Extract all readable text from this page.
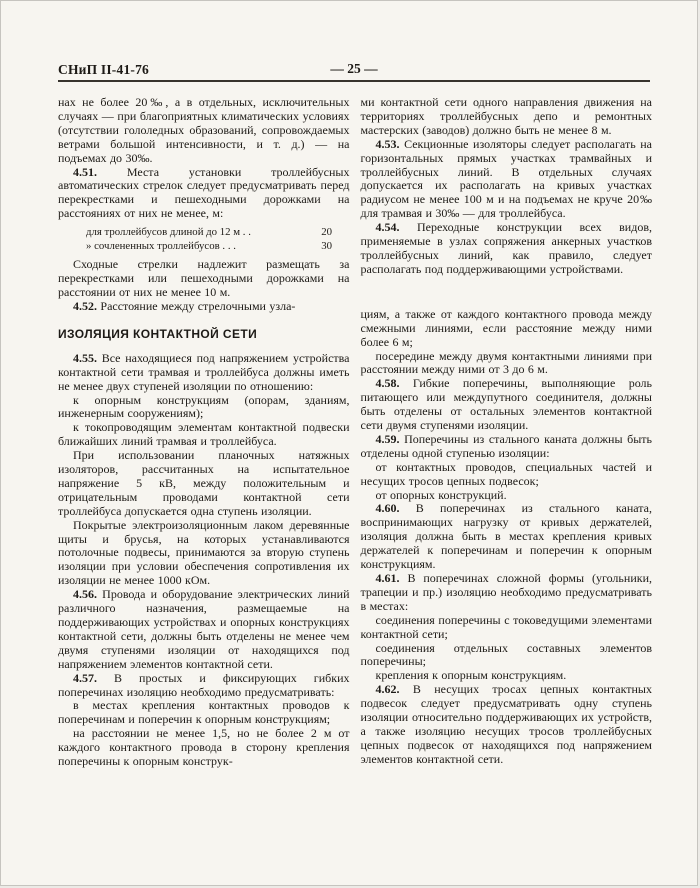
СНиП II-41-76	— 25 —

нах не более 20‰, а в отдельных, исключительных случаях — при благоприятных климатических условиях (отсутствии гололедных образований, сопровождаемых ветрами большой интенсивности, и т. д.) — на подъемах до 30‰.

4.51. Места установки троллейбусных автоматических стрелок следует предусматривать перед перекрестками и пешеходными дорожками на расстояниях от них не менее, м:

для троллейбусов длиной до 12 м . .	20
» сочлененных троллейбусов . . .	30

Сходные стрелки надлежит размещать за перекрестками или пешеходными дорожками на расстоянии от них не менее 10 м.

4.52. Расстояние между стрелочными узла-

ИЗОЛЯЦИЯ КОНТАКТНОЙ СЕТИ

4.55. Все находящиеся под напряжением устройства контактной сети трамвая и троллейбуса должны иметь не менее двух ступеней изоляции по отношению:

к опорным конструкциям (опорам, зданиям, инженерным сооружениям);

к токопроводящим элементам контактной подвески ближайших линий трамвая и троллейбуса.

При использовании планочных натяжных изоляторов, рассчитанных на испытательное напряжение 5 кВ, между положительным и отрицательным проводами контактной сети троллейбуса допускается одна ступень изоляции.

Покрытые электроизоляционным лаком деревянные щиты и брусья, на которых устанавливаются потолочные подвесы, принимаются за вторую ступень изоляции при условии обеспечения сопротивления их изоляции не менее 1000 кОм.

4.56. Провода и оборудование электрических линий различного назначения, размещаемые на поддерживающих устройствах и опорных конструкциях контактной сети, должны быть отделены не менее чем двумя ступенями изоляции от находящихся под напряжением элементов контактной сети.

4.57. В простых и фиксирующих гибких поперечинах изоляцию необходимо предусматривать:

в местах крепления контактных проводов к поперечинам и поперечин к опорным конструкциям;

на расстоянии не менее 1,5, но не более 2 м от каждого контактного провода в сторону крепления поперечины к опорным конструк-

ми контактной сети одного направления движения на территориях троллейбусных депо и ремонтных мастерских (заводов) должно быть не менее 8 м.

4.53. Секционные изоляторы следует располагать на горизонтальных прямых участках трамвайных и троллейбусных линий. В отдельных случаях допускается их располагать на кривых участках радиусом не менее 100 м и на подъемах не круче 20‰ для трамвая и 30‰ — для троллейбуса.

4.54. Переходные конструкции всех видов, применяемые в узлах сопряжения анкерных участков троллейбусных линий, как правило, следует располагать под поддерживающими устройствами.

циям, а также от каждого контактного провода между смежными линиями, если расстояние между ними более 6 м;

посередине между двумя контактными линиями при расстоянии между ними от 3 до 6 м.

4.58. Гибкие поперечины, выполняющие роль питающего или междупутного соединителя, должны быть отделены от остальных элементов контактной сети двумя ступенями изоляции.

4.59. Поперечины из стального каната должны быть отделены одной ступенью изоляции:

от контактных проводов, специальных частей и несущих тросов цепных подвесок;

от опорных конструкций.

4.60. В поперечинах из стального каната, воспринимающих нагрузку от кривых держателей, изоляция должна быть в местах крепления кривых держателей к поперечинам и поперечин к опорным конструкциям.

4.61. В поперечинах сложной формы (угольники, трапеции и пр.) изоляцию необходимо предусматривать в местах:

соединения поперечины с токоведущими элементами контактной сети;

соединения отдельных составных элементов поперечины;

крепления к опорным конструкциям.

4.62. В несущих тросах цепных контактных подвесок следует предусматривать одну ступень изоляции относительно поддерживающих их устройств, а также изоляцию несущих тросов троллейбусных цепных подвесок от находящихся под напряжением элементов контактной сети.
